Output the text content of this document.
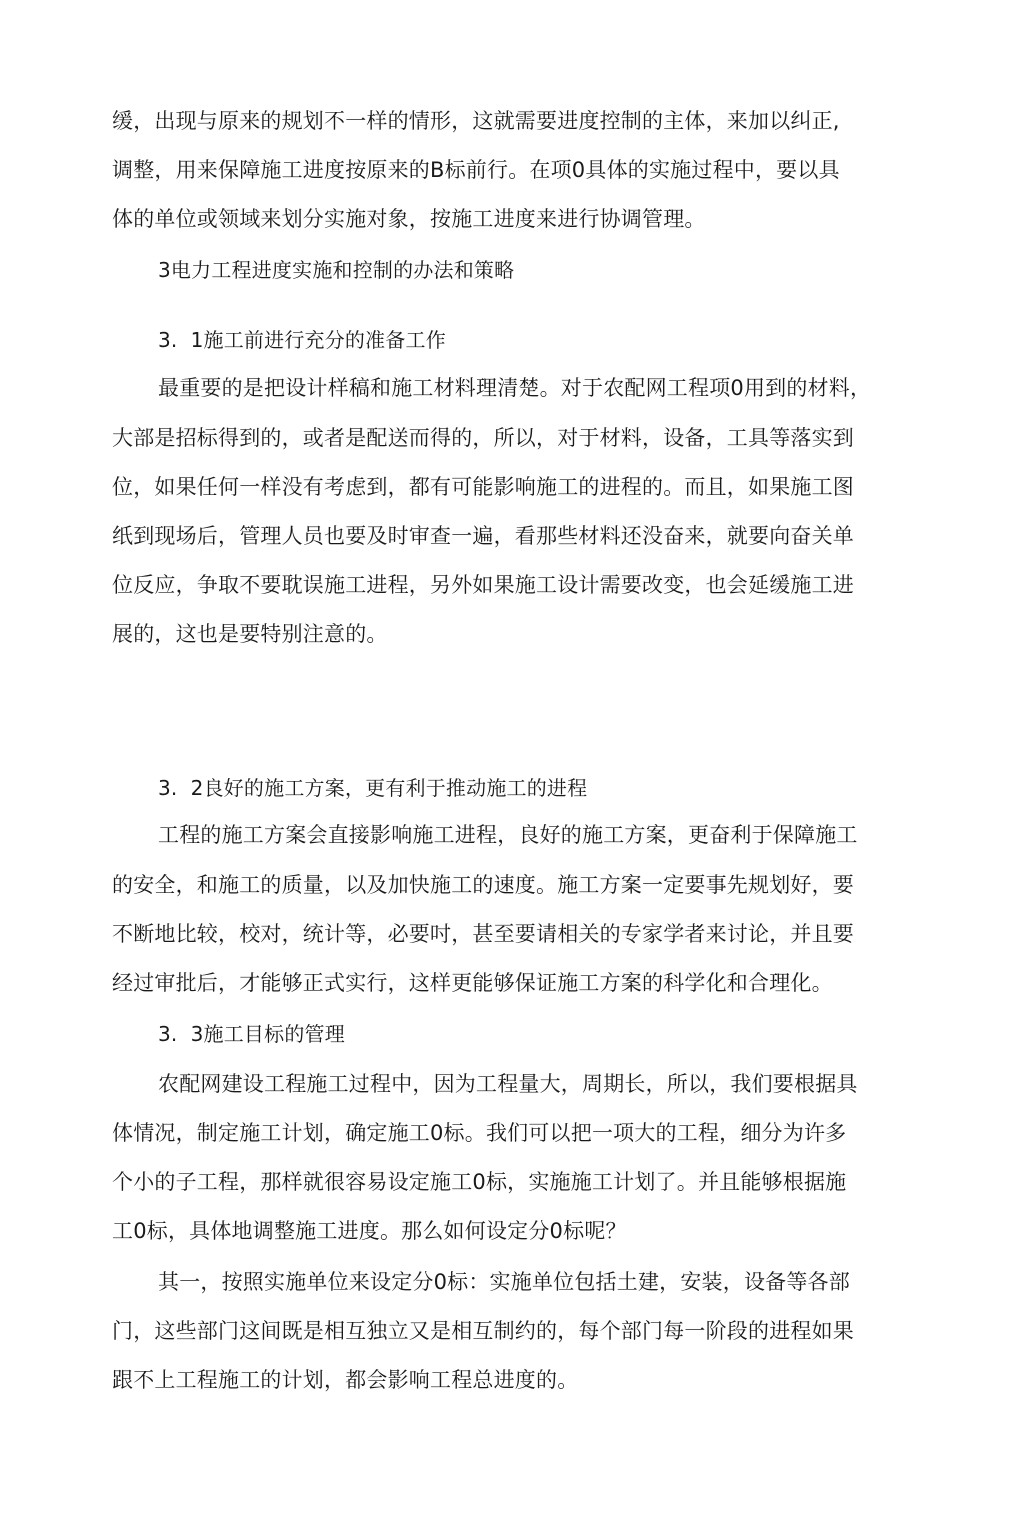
缓，出现与原来的规划不一样的情形，这就需要进度控制的主体，来加以纠正,
调整，用来保障施工进度按原来的B标前行。在项0具体的实施过程中，要以具
体的单位或领域来划分实施对象，按施工进度来进行协调管理。
3电力工程进度实施和控制的办法和策略
3.  1施工前进行充分的准备工作
最重要的是把设计样稿和施工材料理清楚。对于农配网工程项0用到的材料，
大部是招标得到的，或者是配送而得的，所以，对于材料，设备，工具等落实到
位，如果任何一样没有考虑到，都有可能影响施工的进程的。而且，如果施工图
纸到现场后，管理人员也要及时审查一遍，看那些材料还没奋来，就要向奋关单
位反应，争取不要耽误施工进程，另外如果施工设计需要改变，也会延缓施工进
展的，这也是要特别注意的。
3.  2良好的施工方案，更有利于推动施工的进程
工程的施工方案会直接影响施工进程，良好的施工方案，更奋利于保障施工
的安全，和施工的质量，以及加快施工的速度。施工方案一定要事先规划好，要
不断地比较，校对，统计等，必要吋，甚至要请相关的专家学者来讨论，并且要
经过审批后，才能够正式实行，这样更能够保证施工方案的科学化和合理化。
3.  3施工目标的管理
农配网建设工程施工过程中，因为工程量大，周期长，所以，我们要根据具
体情况，制定施工计划，确定施工0标。我们可以把一项大的工程，细分为许多
个小的子工程，那样就很容易设定施工0标，实施施工计划了。并且能够根据施
工0标，具体地调整施工进度。那么如何设定分0标呢？
其一，按照实施单位来设定分0标：实施单位包括土建，安装，设备等各部
门，这些部门这间既是相互独立又是相互制约的，每个部门每一阶段的进程如果
跟不上工程施工的计划，都会影响工程总进度的。
